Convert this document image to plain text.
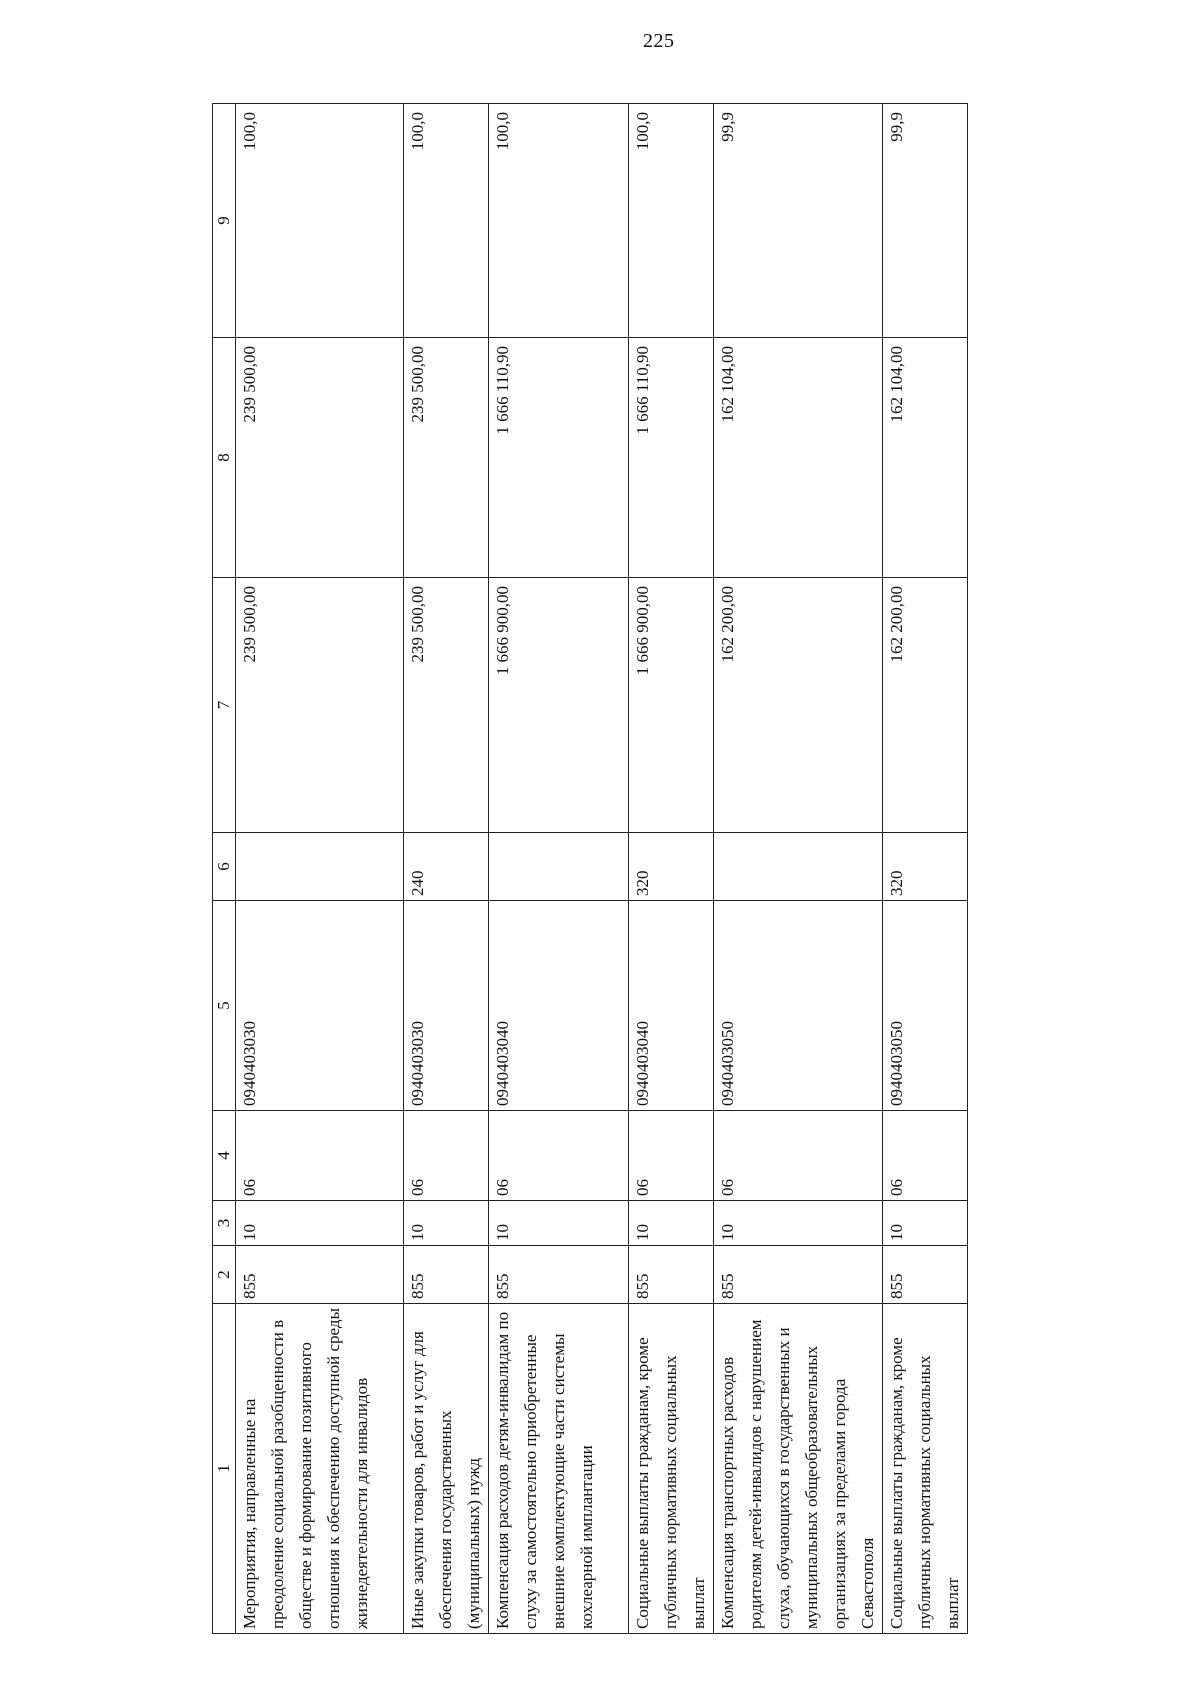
225
1	2	3	4	5	6	7	8	9
Мероприятия, направленные на преодоление социальной разобщенности в обществе и формирование позитивного отношения к обеспечению доступной среды жизнедеятельности для инвалидов	855	10	06	0940403030		239 500,00	239 500,00	100,0
Иные закупки товаров, работ и услуг для обеспечения государственных (муниципальных) нужд	855	10	06	0940403030	240	239 500,00	239 500,00	100,0
Компенсация расходов детям-инвалидам по слуху за самостоятельно приобретенные внешние комплектующие части системы кохлеарной имплантации	855	10	06	0940403040		1 666 900,00	1 666 110,90	100,0
Социальные выплаты гражданам, кроме публичных нормативных социальных выплат	855	10	06	0940403040	320	1 666 900,00	1 666 110,90	100,0
Компенсация транспортных расходов родителям детей-инвалидов с нарушением слуха, обучающихся в государственных и муниципальных общеобразовательных организациях за пределами города Севастополя	855	10	06	0940403050		162 200,00	162 104,00	99,9
Социальные выплаты гражданам, кроме публичных нормативных социальных выплат	855	10	06	0940403050	320	162 200,00	162 104,00	99,9
